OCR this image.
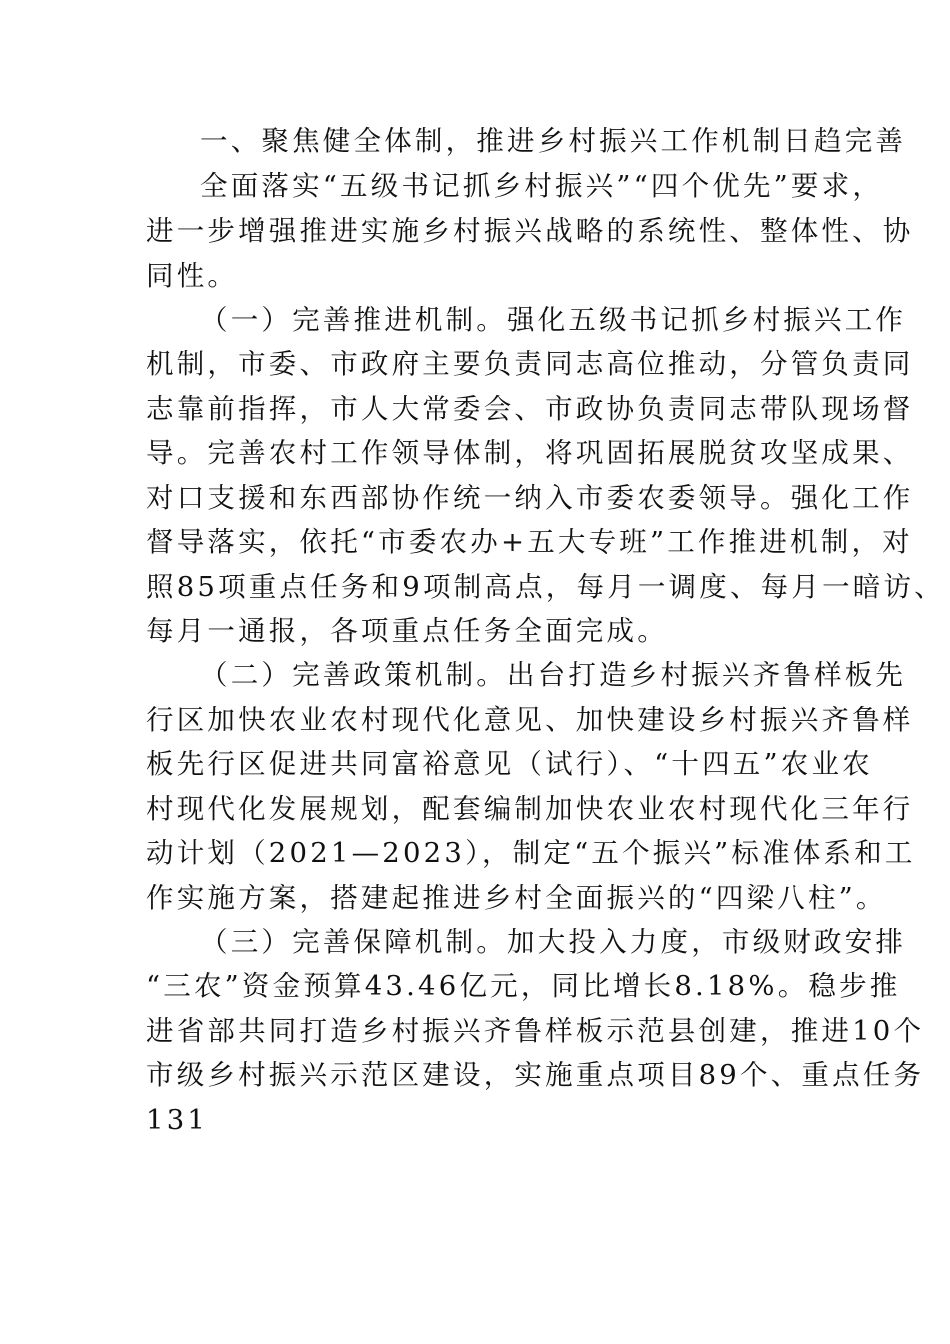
一、聚焦健全体制，推进乡村振兴工作机制日趋完善
全面落实“五级书记抓乡村振兴”“四个优先”要求，
进一步增强推进实施乡村振兴战略的系统性、整体性、协
同性。
（一）完善推进机制。强化五级书记抓乡村振兴工作
机制，市委、市政府主要负责同志高位推动，分管负责同
志靠前指挥，市人大常委会、市政协负责同志带队现场督
导。完善农村工作领导体制，将巩固拓展脱贫攻坚成果、
对口支援和东西部协作统一纳入市委农委领导。强化工作
督导落实，依托“市委农办+五大专班”工作推进机制，对
照85项重点任务和9项制高点，每月一调度、每月一暗访、
每月一通报，各项重点任务全面完成。
（二）完善政策机制。出台打造乡村振兴齐鲁样板先
行区加快农业农村现代化意见、加快建设乡村振兴齐鲁样
板先行区促进共同富裕意见（试行）、“十四五”农业农
村现代化发展规划，配套编制加快农业农村现代化三年行
动计划（2021—2023），制定“五个振兴”标准体系和工
作实施方案，搭建起推进乡村全面振兴的“四梁八柱”。
（三）完善保障机制。加大投入力度，市级财政安排
“三农”资金预算43.46亿元，同比增长8.18%。稳步推
进省部共同打造乡村振兴齐鲁样板示范县创建，推进10个
市级乡村振兴示范区建设，实施重点项目89个、重点任务
131
